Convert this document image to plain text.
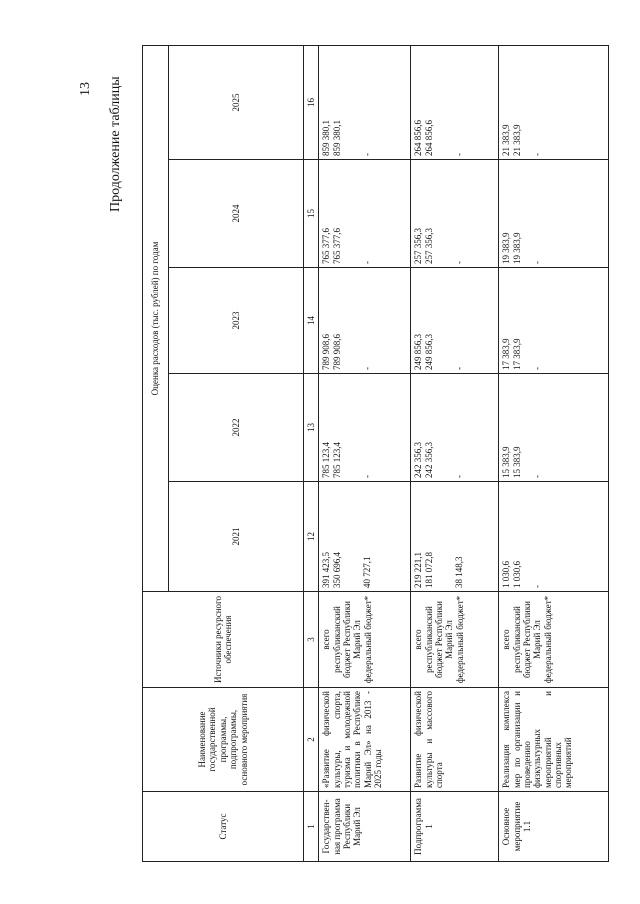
13 Продолжение таблицы
Статус	Наименование государственной программы, подпрограммы, основного мероприятия	Источники ресурсного обеспечения	Оценка расходов (тыс. рублей) по годам				
			2021	2022	2023	2024	2025
1	2	3	12	13	14	15	16
Государствен-ная программа Республики Марий Эл	«Развитие физической культуры, спорта, туризма и молодежной политики в Республике Марий Эл» на 2013 - 2025 годы	всего республиканский бюджет Республики Марий Эл федеральный бюджет*	391 423,5 350 696,4 40 727,1	785 123,4 785 123,4 -	789 908,6 789 908,6 -	765 377,6 765 377,6 -	859 380,1 859 380,1 -

Подпрограмма 1	Развитие физической культуры и массового спорта	всего республиканский бюджет Республики Марий Эл федеральный бюджет*	219 221,1 181 072,8 38 148,3	242 356,3 242 356,3 -	249 856,3 249 856,3 -	257 356,3 257 356,3 -	264 856,6 264 856,6 -

Основное мероприятие 1.1	Реализация комплекса мер по организации и проведению физкультурных мероприятий и спортивных мероприятий	всего республиканский бюджет Республики Марий Эл федеральный бюджет*	1 030,6 1 030,6 -	15 383,9 15 383,9 -	17 383,9 17 383,9 -	19 383,9 19 383,9 -	21 383,9 21 383,9 -
